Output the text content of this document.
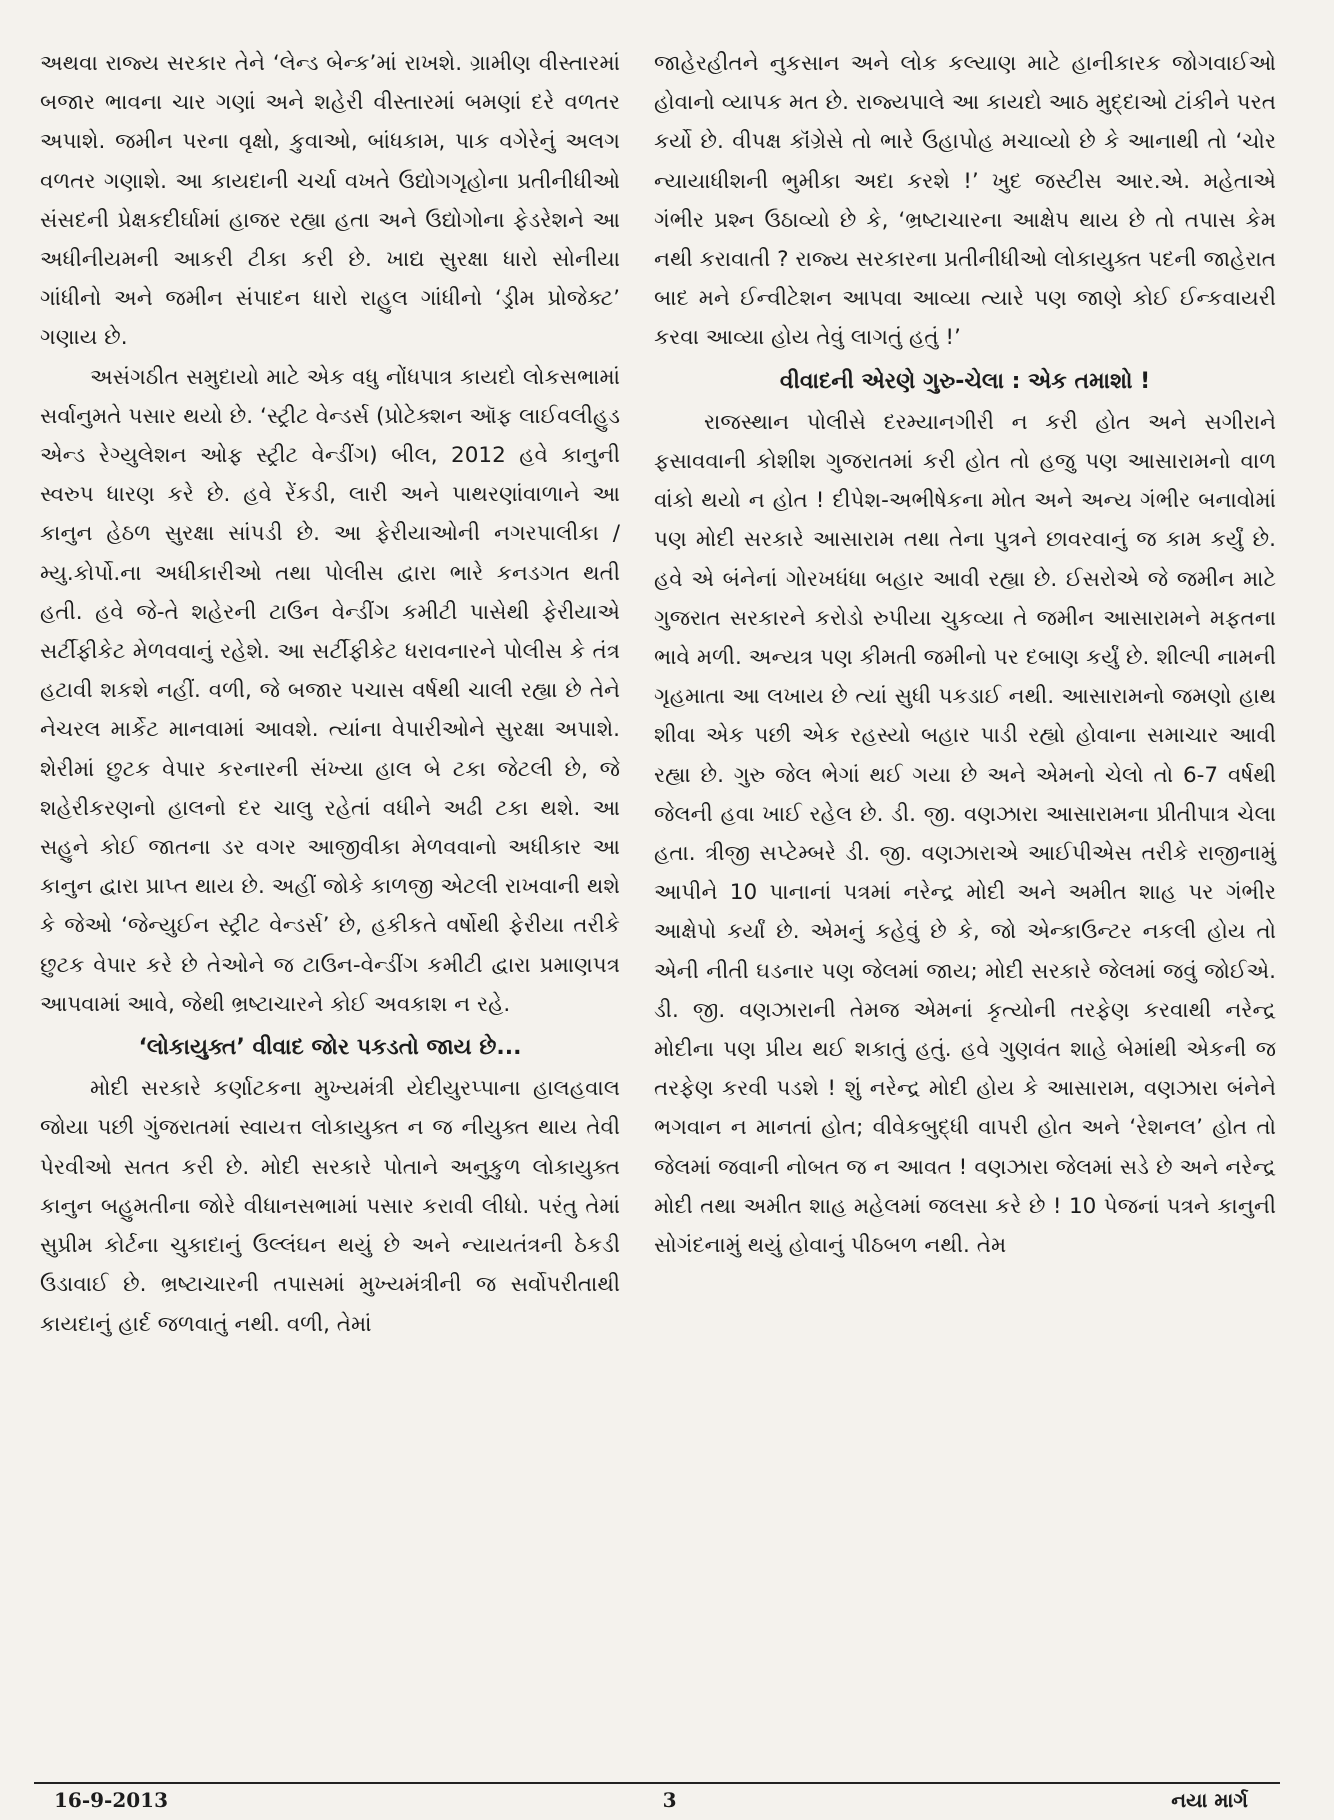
અથવા રાજ્ય સરકાર તેને ‘લેન્ડ બેન્ક’માં રાખશે. ગ્રામીણ વીસ્તારમાં બજાર ભાવના ચાર ગણાં અને શહેરી વીસ્તારમાં બમણાં દરે વળતર અપાશે. જમીન પરના વૃક્ષો, કુવાઓ, બાંધકામ, પાક વગેરેનું અલગ વળતર ગણાશે. આ કાયદાની ચર્ચા વખતે ઉદ્યોગગૃહોના પ્રતીનીધીઓ સંસદની પ્રેક્ષકદીર્ઘામાં હાજર રહ્યા હતા અને ઉદ્યોગોના ફેડરેશને આ અધીનીયમની આકરી ટીકા કરી છે. ખાદ્ય સુરક્ષા ધારો સોનીયા ગાંધીનો અને જમીન સંપાદન ધારો રાહુલ ગાંધીનો ‘ડ્રીમ પ્રોજેક્ટ’ ગણાય છે.

અસંગઠીત સમુદાયો માટે એક વધુ નોંધપાત્ર કાયદો લોકસભામાં સર્વાનુમતે પસાર થયો છે. ‘સ્ટ્રીટ વેન્ડર્સ (પ્રોટેક્શન ઑફ લાઈવલીહુડ એન્ડ રેગ્યુલેશન ઓફ સ્ટ્રીટ વેન્ડીંગ) બીલ, 2012 હવે કાનુની સ્વરુપ ધારણ કરે છે. હવે રેંકડી, લારી અને પાથરણાંવાળાને આ કાનુન હેઠળ સુરક્ષા સાંપડી છે. આ ફેરીયાઓની નગરપાલીકા / મ્યુ.કોર્પો.ના અધીકારીઓ તથા પોલીસ દ્વારા ભારે કનડગત થતી હતી. હવે જે-તે શહેરની ટાઉન વેન્ડીંગ કમીટી પાસેથી ફેરીયાએ સર્ટીફીકેટ મેળવવાનું રહેશે. આ સર્ટીફીકેટ ધરાવનારને પોલીસ કે તંત્ર હટાવી શકશે નહીં. વળી, જે બજાર પચાસ વર્ષથી ચાલી રહ્યા છે તેને નેચરલ માર્કેટ માનવામાં આવશે. ત્યાંના વેપારીઓને સુરક્ષા અપાશે. શેરીમાં છુટક વેપાર કરનારની સંખ્યા હાલ બે ટકા જેટલી છે, જે શહેરીકરણનો હાલનો દર ચાલુ રહેતાં વધીને અઢી ટકા થશે. આ સહુને કોઈ જાતના ડર વગર આજીવીકા મેળવવાનો અધીકાર આ કાનુન દ્વારા પ્રાપ્ત થાય છે. અહીં જોકે કાળજી એટલી રાખવાની થશે કે જેઓ ‘જેન્યુઈન સ્ટ્રીટ વેન્ડર્સ’ છે, હકીકતે વર્ષોથી ફેરીયા તરીકે છુટક વેપાર કરે છે તેઓને જ ટાઉન-વેન્ડીંગ કમીટી દ્વારા પ્રમાણપત્ર આપવામાં આવે, જેથી ભ્રષ્ટાચારને કોઈ અવકાશ ન રહે.

‘લોકાયુક્ત’ વીવાદ જોર પકડતો જાય છે...

મોદી સરકારે કર્ણાટકના મુખ્યમંત્રી યેદીયુરપ્પાના હાલહવાલ જોયા પછી ગુંજરાતમાં સ્વાયત્ત લોકાયુક્ત ન જ નીયુક્ત થાય તેવી પેરવીઓ સતત કરી છે. મોદી સરકારે પોતાને અનુકુળ લોકાયુક્ત કાનુન બહુમતીના જોરે વીધાનસભામાં પસાર કરાવી લીધો. પરંતુ તેમાં સુપ્રીમ કોર્ટના ચુકાદાનું ઉલ્લંઘન થયું છે અને ન્યાયતંત્રની ઠેકડી ઉડાવાઈ છે. ભ્રષ્ટાચારની તપાસમાં મુખ્યમંત્રીની જ સર્વોપરીતાથી કાયદાનું હાર્દ જળવાતું નથી. વળી, તેમાં

જાહેરહીતને નુકસાન અને લોક કલ્યાણ માટે હાનીકારક જોગવાઈઓ હોવાનો વ્યાપક મત છે. રાજ્યપાલે આ કાયદો આઠ મુદ્દાઓ ટાંકીને પરત કર્યો છે. વીપક્ષ કૉંગ્રેસે તો ભારે ઉહાપોહ મચાવ્યો છે કે આનાથી તો ‘ચોર ન્યાયાધીશની ભુમીકા અદા કરશે !’ ખુદ જસ્ટીસ આર.એ. મહેતાએ ગંભીર પ્રશ્ન ઉઠાવ્યો છે કે, ‘ભ્રષ્ટાચારના આક્ષેપ થાય છે તો તપાસ કેમ નથી કરાવાતી ? રાજ્ય સરકારના પ્રતીનીધીઓ લોકાયુક્ત પદની જાહેરાત બાદ મને ઈન્વીટેશન આપવા આવ્યા ત્યારે પણ જાણે કોઈ ઈન્કવાયરી કરવા આવ્યા હોય તેવું લાગતું હતું !’

વીવાદની એરણે ગુરુ-ચેલા : એક તમાશો !

રાજસ્થાન પોલીસે દરમ્યાનગીરી ન કરી હોત અને સગીરાને ફસાવવાની કોશીશ ગુજરાતમાં કરી હોત તો હજુ પણ આસારામનો વાળ વાંકો થયો ન હોત ! દીપેશ-અભીષેકના મોત અને અન્ય ગંભીર બનાવોમાં પણ મોદી સરકારે આસારામ તથા તેના પુત્રને છાવરવાનું જ કામ કર્યું છે. હવે એ બંનેનાં ગોરખધંધા બહાર આવી રહ્યા છે. ઈસરોએ જે જમીન માટે ગુજરાત સરકારને કરોડો રુપીયા ચુકવ્યા તે જમીન આસારામને મફતના ભાવે મળી. અન્યત્ર પણ કીમતી જમીનો પર દબાણ કર્યું છે. શીલ્પી નામની ગૃહમાતા આ લખાય છે ત્યાં સુધી પકડાઈ નથી. આસારામનો જમણો હાથ શીવા એક પછી એક રહસ્યો બહાર પાડી રહ્યો હોવાના સમાચાર આવી રહ્યા છે. ગુરુ જેલ ભેગાં થઈ ગયા છે અને એમનો ચેલો તો 6-7 વર્ષથી જેલની હવા ખાઈ રહેલ છે. ડી. જી. વણઝારા આસારામના પ્રીતીપાત્ર ચેલા હતા. ત્રીજી સપ્ટેમ્બરે ડી. જી. વણઝારાએ આઈપીએસ તરીકે રાજીનામું આપીને 10 પાનાનાં પત્રમાં નરેન્દ્ર મોદી અને અમીત શાહ પર ગંભીર આક્ષેપો કર્યાં છે. એમનું કહેવું છે કે, જો એન્કાઉન્ટર નકલી હોય તો એની નીતી ઘડનાર પણ જેલમાં જાય; મોદી સરકારે જેલમાં જવું જોઈએ. ડી. જી. વણઝારાની તેમજ એમનાં કૃત્યોની તરફેણ કરવાથી નરેન્દ્ર મોદીના પણ પ્રીય થઈ શકાતું હતું. હવે ગુણવંત શાહે બેમાંથી એકની જ તરફેણ કરવી પડશે ! શું નરેન્દ્ર મોદી હોય કે આસારામ, વણઝારા બંનેને ભગવાન ન માનતાં હોત; વીવેકબુદ્ધી વાપરી હોત અને ‘રેશનલ’ હોત તો જેલમાં જવાની નોબત જ ન આવત ! વણઝારા જેલમાં સડે છે અને નરેન્દ્ર મોદી તથા અમીત શાહ મહેલમાં જલસા કરે છે ! 10 પેજનાં પત્રને કાનુની સોગંદનામું થયું હોવાનું પીઠબળ નથી. તેમ

16-9-2013	3	નયા માર્ગ
